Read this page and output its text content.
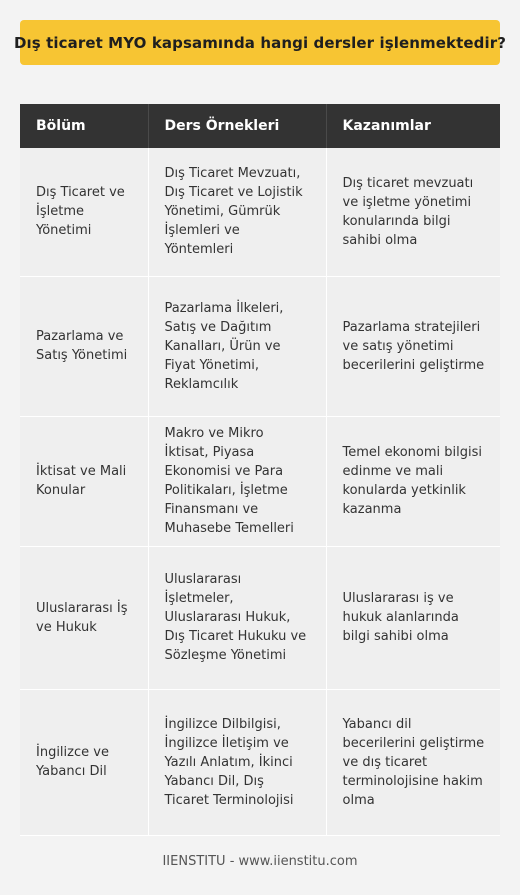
Dış ticaret MYO kapsamında hangi dersler işlenmektedir?
Bölüm	Ders Örnekleri	Kazanımlar
Dış Ticaret ve İşletme Yönetimi	Dış Ticaret Mevzuatı, Dış Ticaret ve Lojistik Yönetimi, Gümrük İşlemleri ve Yöntemleri	Dış ticaret mevzuatı ve işletme yönetimi konularında bilgi sahibi olma
Pazarlama ve Satış Yönetimi	Pazarlama İlkeleri, Satış ve Dağıtım Kanalları, Ürün ve Fiyat Yönetimi, Reklamcılık	Pazarlama stratejileri ve satış yönetimi becerilerini geliştirme
İktisat ve Mali Konular	Makro ve Mikro İktisat, Piyasa Ekonomisi ve Para Politikaları, İşletme Finansmanı ve Muhasebe Temelleri	Temel ekonomi bilgisi edinme ve mali konularda yetkinlik kazanma
Uluslararası İş ve Hukuk	Uluslararası İşletmeler, Uluslararası Hukuk, Dış Ticaret Hukuku ve Sözleşme Yönetimi	Uluslararası iş ve hukuk alanlarında bilgi sahibi olma
İngilizce ve Yabancı Dil	İngilizce Dilbilgisi, İngilizce İletişim ve Yazılı Anlatım, İkinci Yabancı Dil, Dış Ticaret Terminolojisi	Yabancı dil becerilerini geliştirme ve dış ticaret terminolojisine hakim olma
IIENSTITU - www.iienstitu.com
